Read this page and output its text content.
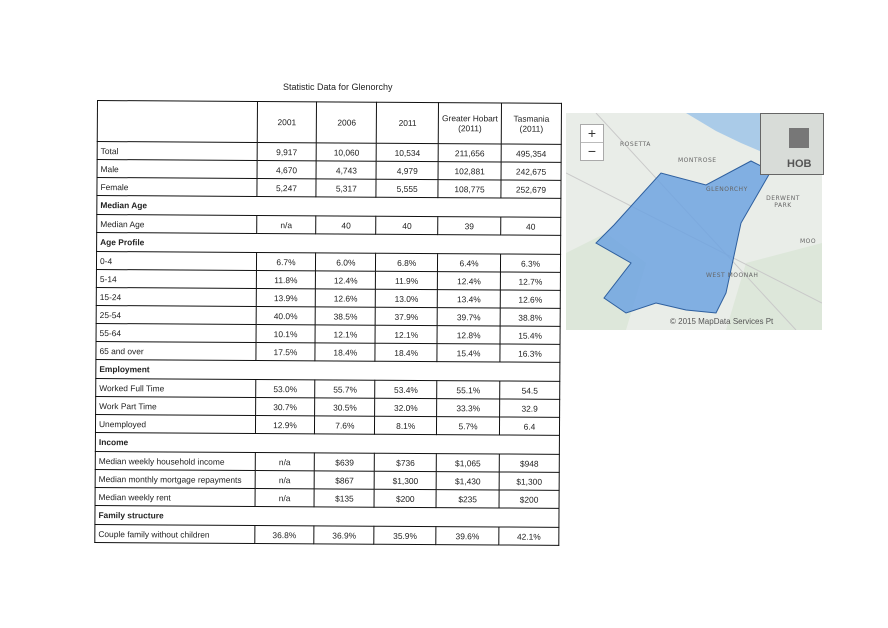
Statistic Data for Glenorchy
	2001	2006	2011	Greater Hobart (2011)	Tasmania (2011)
Total	9,917	10,060	10,534	211,656	495,354
Male	4,670	4,743	4,979	102,881	242,675
Female	5,247	5,317	5,555	108,775	252,679
Median Age					
Median Age	n/a	40	40	39	40
Age Profile					
0-4	6.7%	6.0%	6.8%	6.4%	6.3%
5-14	11.8%	12.4%	11.9%	12.4%	12.7%
15-24	13.9%	12.6%	13.0%	13.4%	12.6%
25-54	40.0%	38.5%	37.9%	39.7%	38.8%
55-64	10.1%	12.1%	12.1%	12.8%	15.4%
65 and over	17.5%	18.4%	18.4%	15.4%	16.3%
Employment					
Worked Full Time	53.0%	55.7%	53.4%	55.1%	54.5
Work Part Time	30.7%	30.5%	32.0%	33.3%	32.9
Unemployed	12.9%	7.6%	8.1%	5.7%	6.4
Income					
Median weekly household income	n/a	$639	$736	$1,065	$948
Median monthly mortgage repayments	n/a	$867	$1,300	$1,430	$1,300
Median weekly rent	n/a	$135	$200	$235	$200
Family structure					
Couple family without children	36.8%	36.9%	35.9%	39.6%	42.1%
+
−
HOB
ROSETTA
MONTROSE
GLENORCHY
DERWENT PARK
WEST MOONAH
MOO
© 2015 MapData Services Pt
